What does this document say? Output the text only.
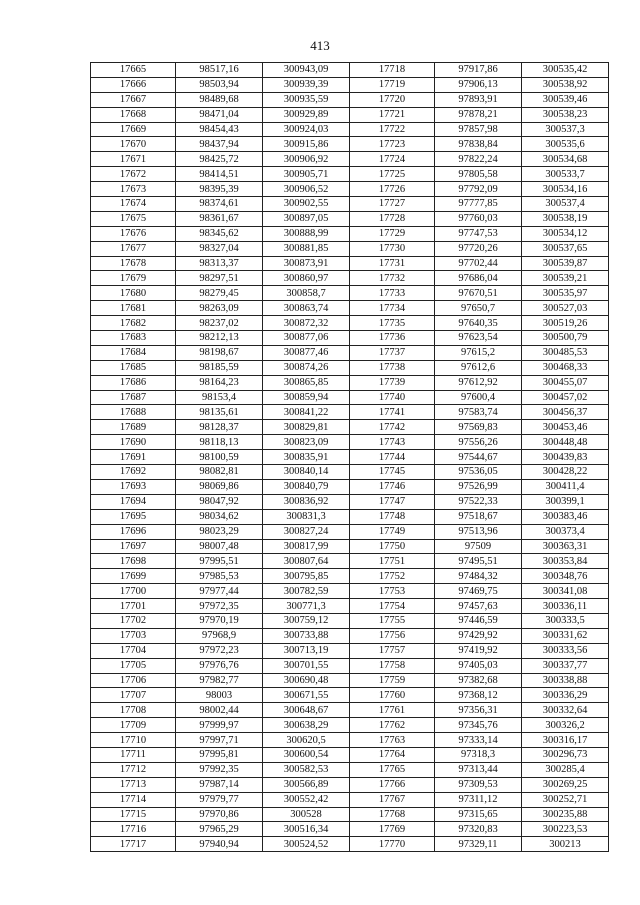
413
17665	98517,16	300943,09	17718	97917,86	300535,42
17666	98503,94	300939,39	17719	97906,13	300538,92
17667	98489,68	300935,59	17720	97893,91	300539,46
17668	98471,04	300929,89	17721	97878,21	300538,23
17669	98454,43	300924,03	17722	97857,98	300537,3
17670	98437,94	300915,86	17723	97838,84	300535,6
17671	98425,72	300906,92	17724	97822,24	300534,68
17672	98414,51	300905,71	17725	97805,58	300533,7
17673	98395,39	300906,52	17726	97792,09	300534,16
17674	98374,61	300902,55	17727	97777,85	300537,4
17675	98361,67	300897,05	17728	97760,03	300538,19
17676	98345,62	300888,99	17729	97747,53	300534,12
17677	98327,04	300881,85	17730	97720,26	300537,65
17678	98313,37	300873,91	17731	97702,44	300539,87
17679	98297,51	300860,97	17732	97686,04	300539,21
17680	98279,45	300858,7	17733	97670,51	300535,97
17681	98263,09	300863,74	17734	97650,7	300527,03
17682	98237,02	300872,32	17735	97640,35	300519,26
17683	98212,13	300877,06	17736	97623,54	300500,79
17684	98198,67	300877,46	17737	97615,2	300485,53
17685	98185,59	300874,26	17738	97612,6	300468,33
17686	98164,23	300865,85	17739	97612,92	300455,07
17687	98153,4	300859,94	17740	97600,4	300457,02
17688	98135,61	300841,22	17741	97583,74	300456,37
17689	98128,37	300829,81	17742	97569,83	300453,46
17690	98118,13	300823,09	17743	97556,26	300448,48
17691	98100,59	300835,91	17744	97544,67	300439,83
17692	98082,81	300840,14	17745	97536,05	300428,22
17693	98069,86	300840,79	17746	97526,99	300411,4
17694	98047,92	300836,92	17747	97522,33	300399,1
17695	98034,62	300831,3	17748	97518,67	300383,46
17696	98023,29	300827,24	17749	97513,96	300373,4
17697	98007,48	300817,99	17750	97509	300363,31
17698	97995,51	300807,64	17751	97495,51	300353,84
17699	97985,53	300795,85	17752	97484,32	300348,76
17700	97977,44	300782,59	17753	97469,75	300341,08
17701	97972,35	300771,3	17754	97457,63	300336,11
17702	97970,19	300759,12	17755	97446,59	300333,5
17703	97968,9	300733,88	17756	97429,92	300331,62
17704	97972,23	300713,19	17757	97419,92	300333,56
17705	97976,76	300701,55	17758	97405,03	300337,77
17706	97982,77	300690,48	17759	97382,68	300338,88
17707	98003	300671,55	17760	97368,12	300336,29
17708	98002,44	300648,67	17761	97356,31	300332,64
17709	97999,97	300638,29	17762	97345,76	300326,2
17710	97997,71	300620,5	17763	97333,14	300316,17
17711	97995,81	300600,54	17764	97318,3	300296,73
17712	97992,35	300582,53	17765	97313,44	300285,4
17713	97987,14	300566,89	17766	97309,53	300269,25
17714	97979,77	300552,42	17767	97311,12	300252,71
17715	97970,86	300528	17768	97315,65	300235,88
17716	97965,29	300516,34	17769	97320,83	300223,53
17717	97940,94	300524,52	17770	97329,11	300213
